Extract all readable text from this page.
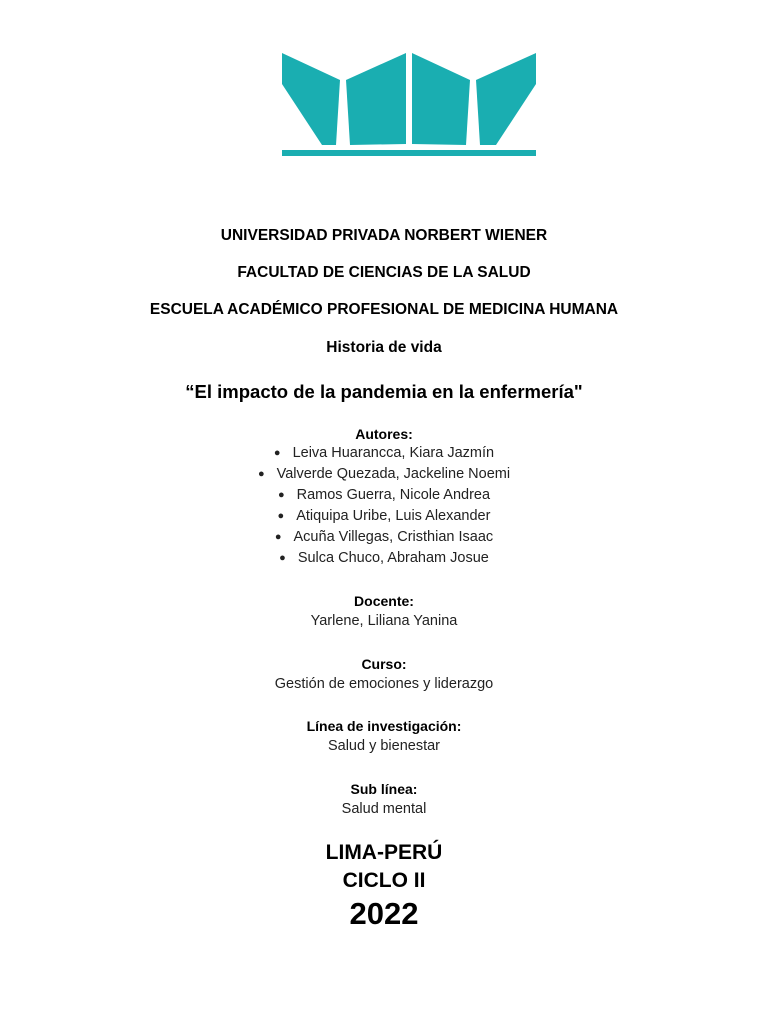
UNIVERSIDAD PRIVADA NORBERT WIENER
FACULTAD DE CIENCIAS DE LA SALUD
ESCUELA ACADÉMICO PROFESIONAL DE MEDICINA HUMANA
Historia de vida
“El impacto de la pandemia en la enfermería"
Autores:
● Leiva Huarancca, Kiara Jazmín
● Valverde Quezada, Jackeline Noemi
● Ramos Guerra, Nicole Andrea
● Atiquipa Uribe, Luis Alexander
● Acuña Villegas, Cristhian Isaac
● Sulca Chuco, Abraham Josue
Docente:
Yarlene, Liliana Yanina
Curso:
Gestión de emociones y liderazgo
Línea de investigación:
Salud y bienestar
Sub línea:
Salud mental
LIMA-PERÚ
CICLO II
2022
